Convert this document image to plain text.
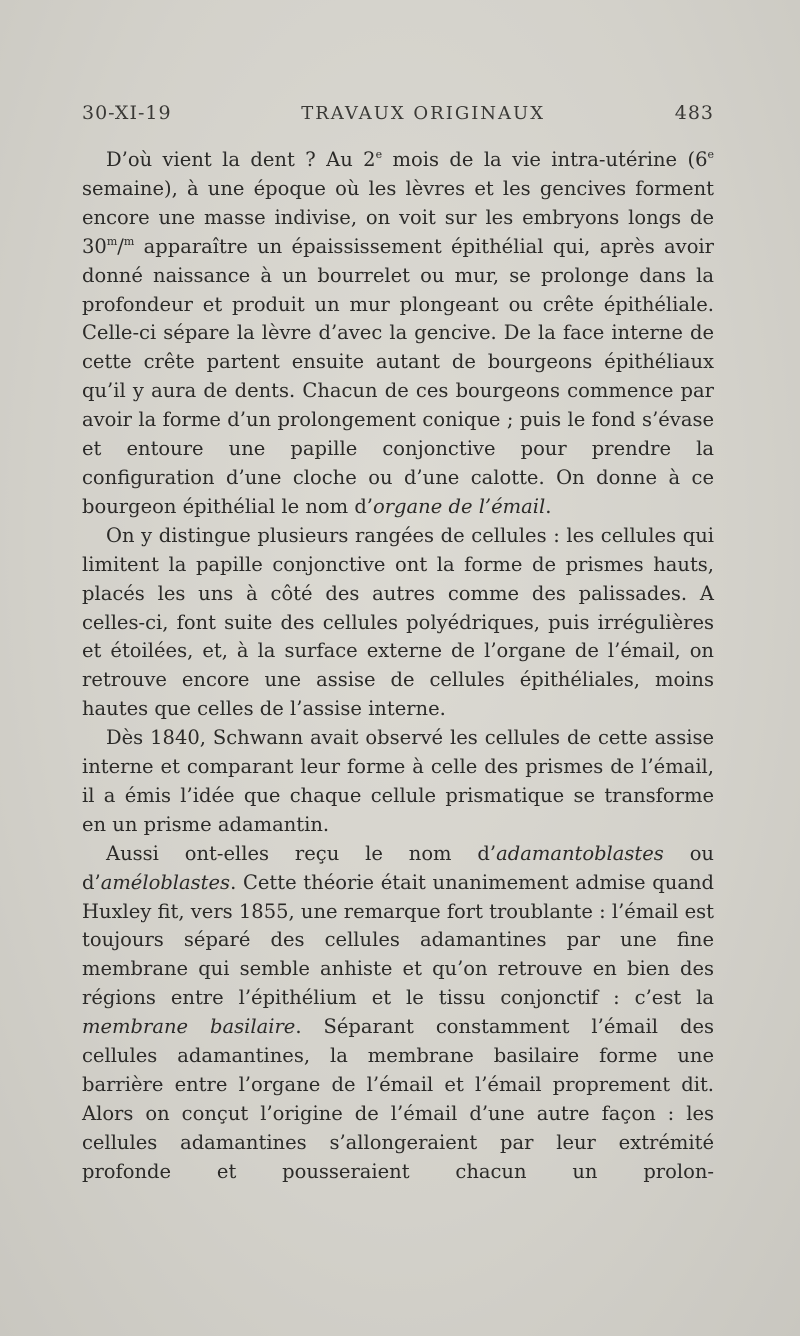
30-XI-19	TRAVAUX ORIGINAUX	483

D’où vient la dent ? Au 2e mois de la vie intra-utérine (6e semaine), à une époque où les lèvres et les gencives forment encore une masse indivise, on voit sur les embryons longs de 30$^m$/$^m$ apparaître un épaississement épithélial qui, après avoir donné naissance à un bourrelet ou mur, se prolonge dans la profondeur et produit un mur plongeant ou crête épithéliale. Celle-ci sépare la lèvre d’avec la gencive. De la face interne de cette crête partent ensuite autant de bourgeons épithéliaux qu’il y aura de dents. Chacun de ces bourgeons commence par avoir la forme d’un prolongement conique ; puis le fond s’évase et entoure une papille conjonctive pour prendre la configuration d’une cloche ou d’une calotte. On donne à ce bourgeon épithélial le nom d’organe de l’émail.

On y distingue plusieurs rangées de cellules : les cellules qui limitent la papille conjonctive ont la forme de prismes hauts, placés les uns à côté des autres comme des palissades. A celles-ci, font suite des cellules polyédriques, puis irrégulières et étoilées, et, à la surface externe de l’organe de l’émail, on retrouve encore une assise de cellules épithéliales, moins hautes que celles de l’assise interne.

Dès 1840, Schwann avait observé les cellules de cette assise interne et comparant leur forme à celle des prismes de l’émail, il a émis l’idée que chaque cellule prismatique se transforme en un prisme adamantin.

Aussi ont-elles reçu le nom d’adamantoblastes ou d’améloblastes. Cette théorie était unanimement admise quand Huxley fit, vers 1855, une remarque fort troublante : l’émail est toujours séparé des cellules adamantines par une fine membrane qui semble anhiste et qu’on retrouve en bien des régions entre l’épithélium et le tissu conjonctif : c’est la membrane basilaire. Séparant constamment l’émail des cellules adamantines, la membrane basilaire forme une barrière entre l’organe de l’émail et l’émail proprement dit. Alors on conçut l’origine de l’émail d’une autre façon : les cellules adamantines s’allongeraient par leur extrémité profonde et pousseraient chacun un prolon-
